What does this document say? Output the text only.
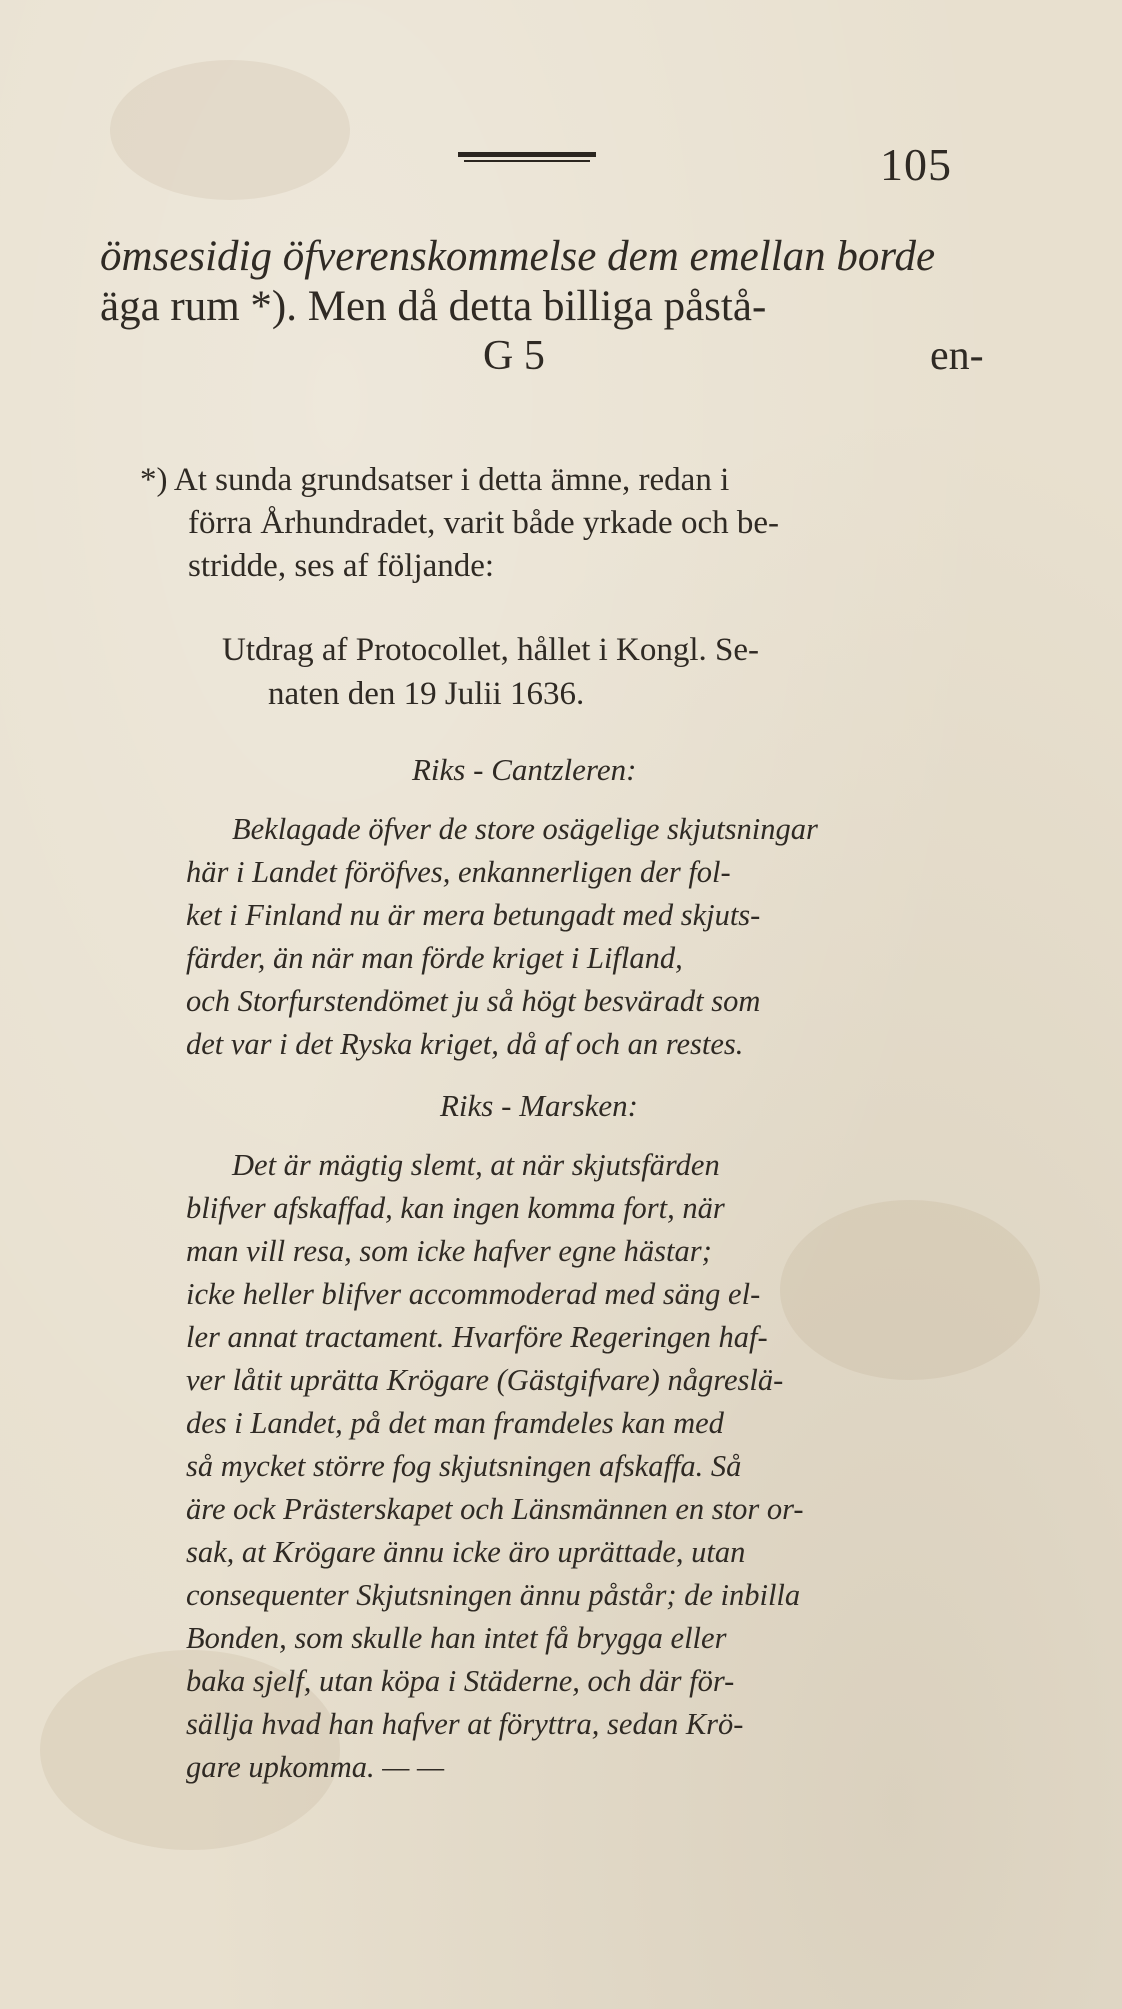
105
ömsesidig öfverenskommelse dem emellan borde
äga rum *). Men då detta billiga påstå-
G 5	en-
*) At sunda grundsatser i detta ämne, redan i
förra Århundradet, varit både yrkade och be-
stridde, ses af följande:
Utdrag af Protocollet, hållet i Kongl. Se-
naten den 19 Julii 1636.
Riks - Cantzleren:
Beklagade öfver de store osägelige skjutsningar
här i Landet föröfves, enkannerligen der fol-
ket i Finland nu är mera betungadt med skjuts-
färder, än när man förde kriget i Lifland,
och Storfurstendömet ju så högt besväradt som
det var i det Ryska kriget, då af och an restes.
Riks - Marsken:
Det är mägtig slemt, at när skjutsfärden
blifver afskaffad, kan ingen komma fort, när
man vill resa, som icke hafver egne hästar;
icke heller blifver accommoderad med säng el-
ler annat tractament. Hvarföre Regeringen haf-
ver låtit uprätta Krögare (Gästgifvare) någreslä-
des i Landet, på det man framdeles kan med
så mycket större fog skjutsningen afskaffa. Så
äre ock Prästerskapet och Länsmännen en stor or-
sak, at Krögare ännu icke äro uprättade, utan
consequenter Skjutsningen ännu påstår; de inbilla
Bonden, som skulle han intet få brygga eller
baka sjelf, utan köpa i Städerne, och där för-
sällja hvad han hafver at föryttra, sedan Krö-
gare upkomma. — —
